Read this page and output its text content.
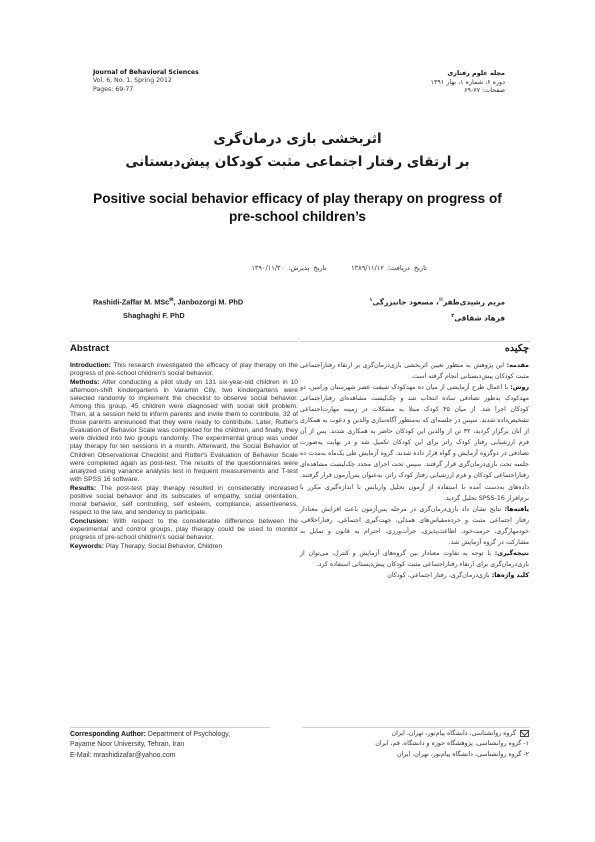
Journal of Behavioral Sciences
Vol. 6, No. 1, Spring 2012
Pages: 69-77
مجله علوم رفتاری
دوره ۶، شماره ۱، بهار ۱۳۹۱
صفحات: ۷۷-۶۹
اثربخشی بازی درمان‌گری
بر ارتقای رفتار اجتماعی مثبت کودکان پیش‌دبستانی
Positive social behavior efficacy of play therapy on progress of pre-school children’s
تاریخ دریافت: ۱۳۸۹/۱۱/۱۲      تاریخ پذیرش: ۱۳۹۰/۱۱/۳۰
Rashidi-Zaffar M. MSc✉, Janbozorgi M. PhD
Shaghaghi F. PhD
مریم رشیدی‌ظفر✉، مسعود جانبزرگی$^۱$
فرهاد شقاقی$^۲$
Abstract	چکیده

Introduction: This research investigated the efficacy of play therapy on the progress of pre-school children's social behavior.

Methods: After conducting a pilot study on 131 six-year-old children in 10 afternoon-shift kindergartens in Varamin City, two kindergartens were selected randomly to implement the checklist to observe social behavior. Among this group, 45 children were diagnosed with social skill problem. Then, at a session held to inform parents and invite them to contribute, 32 of those parents announced that they were ready to contribute. Later, Rutter's Evaluation of Behavior Scale was completed for the children, and finally, they were divided into two groups randomly. The experimental group was under play therapy for ten sessions in a month. Afterward, the Social Behavior of Children Observational Checklist and Rutter's Evaluation of Behavior Scale were completed again as post-test. The results of the questionnaires were analyzed using variance analysis test in frequent measurements and T-test with SPSS 16 software.

Results: The post-test play therapy resulted in considerably increased positive social behavior and its subscales of empathy, social orientation, moral behavior, self controlling, self esteem, compliance, assertiveness, respect to the law, and tendency to participate.

Conclusion: With respect to the considerable difference between the experimental and control groups, play therapy could be used to monitor progress of pre-school children's social behavior.

Keywords: Play Therapy, Social Behavior, Children

مقدمه: این پژوهش به منظور تعیین اثربخشی بازی‌درمان‌گری بر ارتقاء رفتاراجتماعی مثبت کودکان پیش‌دبستانی انجام گرفته است.

روش: با اعمال طرح آزمایشی از میان ده مهدکودک شیفت عصر شهرستان ورامین، دو مهدکودک به‌طور تصادفی ساده انتخاب شد و چک‌لیست مشاهده‌ای رفتاراجتماعی کودکان اجرا شد. از میان ۴۵ کودک مبتلا به مشکلات در زمینه مهارت‌اجتماعی تشخیص‌داده شدند. سپس در جلسه‌ای که به‌منظور آگاه‌سازی والدین و دعوت به همکاری از آنان برگزار گردید، ۳۲ تن از والدین این کودکان حاضر به همکاری شدند. پس از آن فرم ارزشیابی رفتار کودک راتر برای این کودکان تکمیل شد و در نهایت به‌صورت تصادفی در دوگروه آزمایش و گواه قرار داده شدند. گروه آزمایش طی یک‌ماه به‌مدت ده جلسه تحت بازی‌درمان‌گری قرار گرفتند. سپس تحت اجرای مجدد چک‌لیست مشاهده‌ای رفتاراجتماعی کودکان و فرم ارزشیابی رفتار کودک راتر، به‌عنوان پس‌آزمون قرار گرفتند. داده‌های به‌دست آمده با استفاده از آزمون تحلیل واریانس با اندازه‌گیری مکرر با نرم‌افزار SPSS-16 تحلیل گردید.

یافته‌ها: نتایج نشان داد بازی‌درمان‌گری در مرحله پس‌آزمون باعث افزایش معنادار رفتار اجتماعی مثبت و خرده‌مقیاس‌های همدلی، جهت‌گیری اجتماعی، رفتاراخلاقی، خودمهارگری، حرمت‌خود، اطاعت‌پذیری، جرأت‌ورزی، احترام به قانون و تمایل به مشارکت در گروه آزمایش شد.

نتیجه‌گیری: با توجه به تفاوت معنادار بین گروه‌های آزمایش و کنترل، می‌توان از بازی‌درمان‌گری برای ارتقاء رفتاراجتماعی مثبت کودکان پیش‌دبستانی استفاده کرد.

کلید واژه‌ها: بازی‌درمان‌گری، رفتار اجتماعی، کودکان

Corresponding Author: Department of Psychology,
Payame Noor University, Tehran, Iran
E-Mail: mrashidizafar@yahoo.com
گروه روانشناسی، دانشگاه پیام‌نور، تهران، ایران
۱- گروه روانشناسی، پژوهشگاه حوزه و دانشگاه، قم، ایران
۲- گروه روانشناسی، دانشگاه پیام‌نور، تهران، ایران
